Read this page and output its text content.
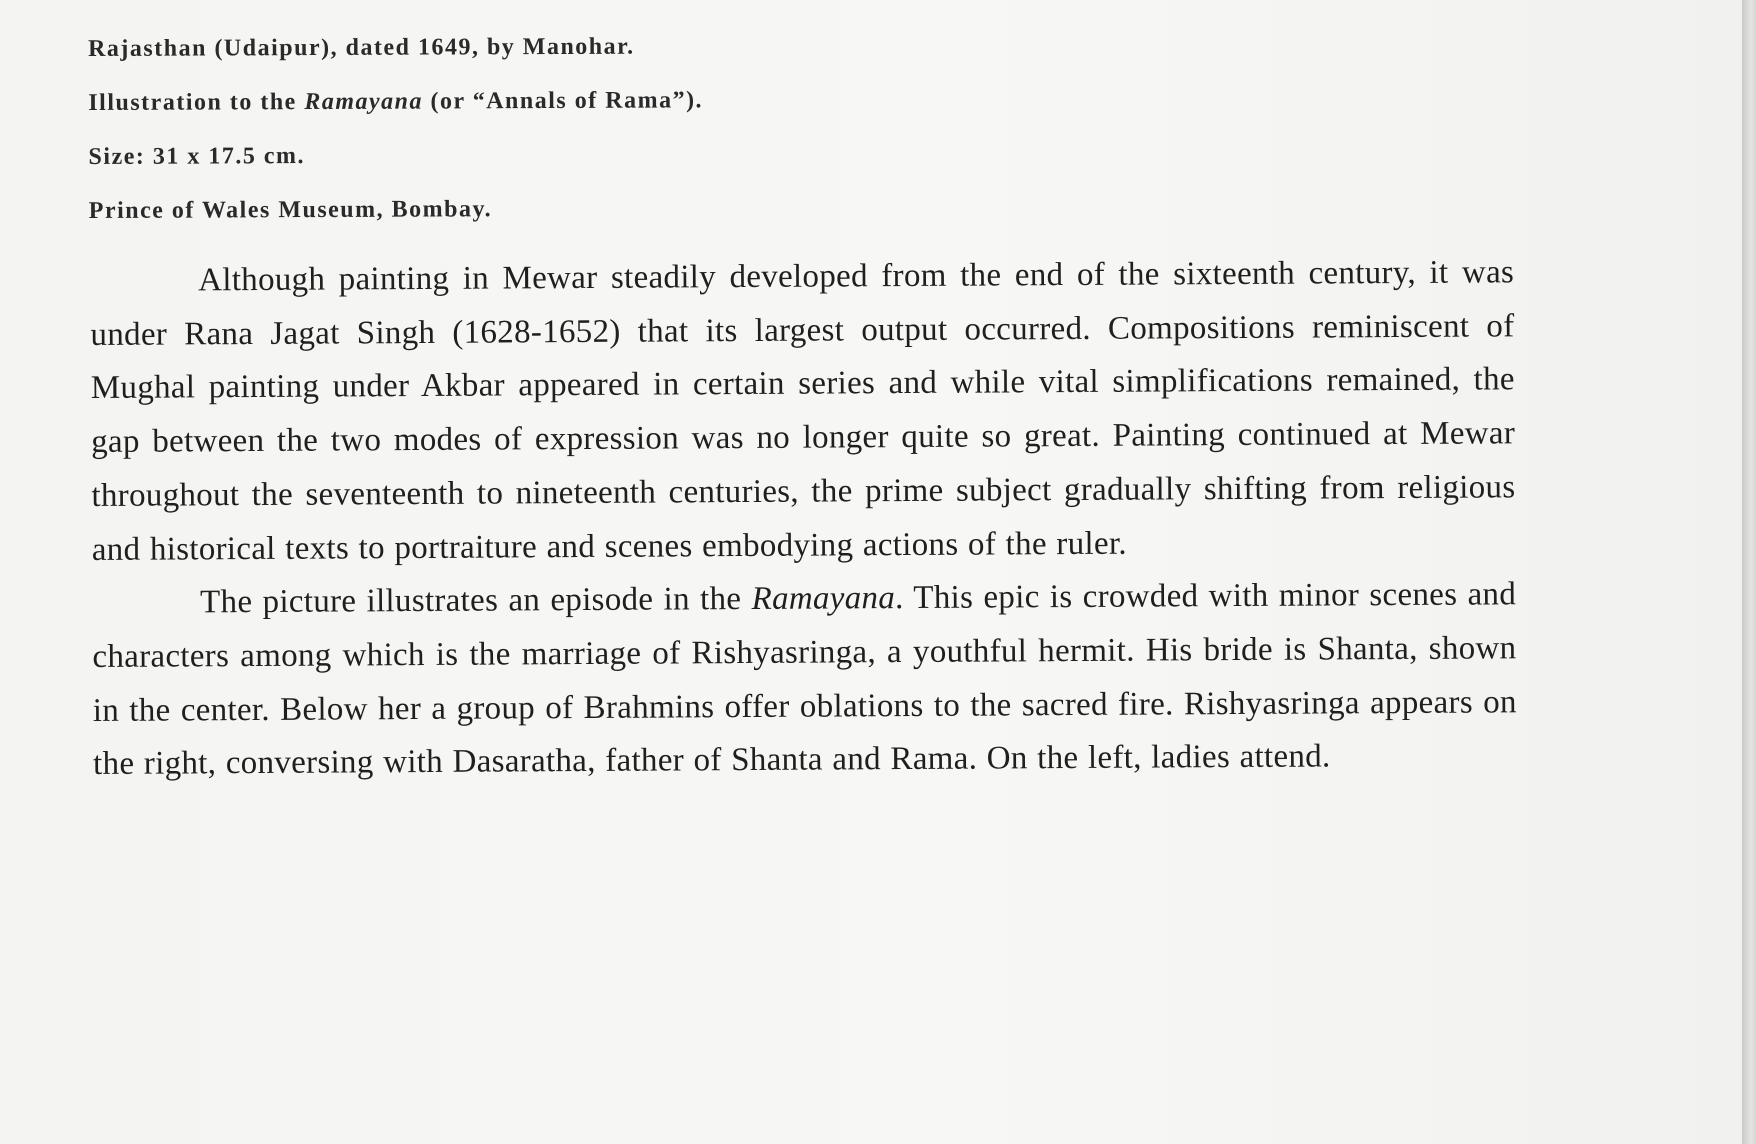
Rajasthan (Udaipur), dated 1649, by Manohar.
Illustration to the Ramayana (or “Annals of Rama”).
Size: 31 x 17.5 cm.
Prince of Wales Museum, Bombay.

Although painting in Mewar steadily developed from the end of the sixteenth century, it was under Rana Jagat Singh (1628-1652) that its largest output occurred. Compositions reminiscent of Mughal painting under Akbar appeared in certain series and while vital simplifications remained, the gap between the two modes of expression was no longer quite so great. Painting continued at Mewar throughout the seventeenth to nineteenth centuries, the prime subject gradually shifting from religious and historical texts to portraiture and scenes embodying actions of the ruler.

The picture illustrates an episode in the Ramayana. This epic is crowded with minor scenes and characters among which is the marriage of Rishyasringa, a youthful hermit. His bride is Shanta, shown in the center. Below her a group of Brahmins offer oblations to the sacred fire. Rishyasringa appears on the right, conversing with Dasaratha, father of Shanta and Rama. On the left, ladies attend.
